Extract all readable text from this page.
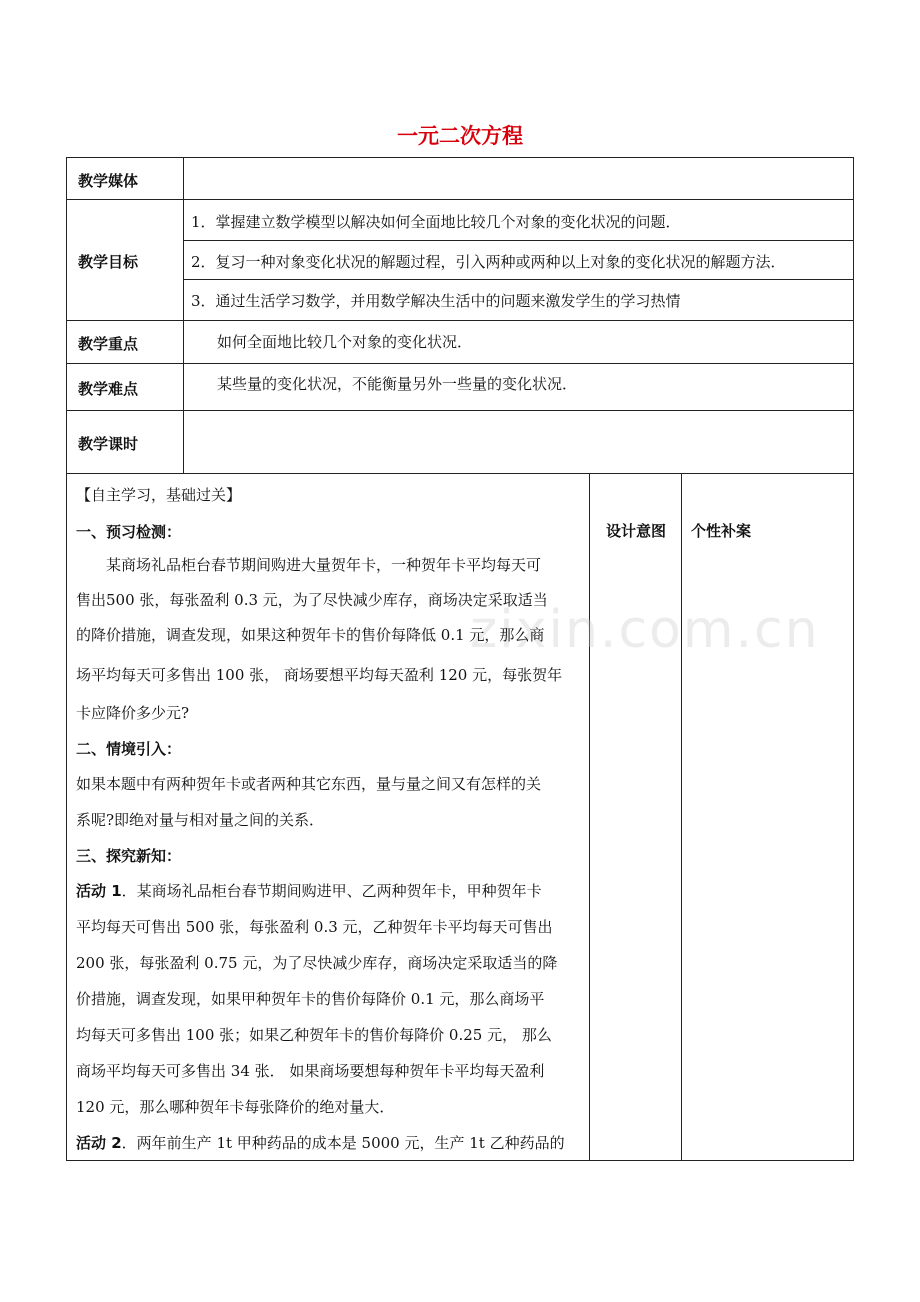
一元二次方程
教学媒体
教学目标
1．掌握建立数学模型以解决如何全面地比较几个对象的变化状况的问题．
2．复习一种对象变化状况的解题过程，引入两种或两种以上对象的变化状况的解题方法．
3．通过生活学习数学，并用数学解决生活中的问题来激发学生的学习热情
教学重点	如何全面地比较几个对象的变化状况．
教学难点	某些量的变化状况，不能衡量另外一些量的变化状况．
教学课时
设计意图 个性补案
zixin.com.cn
【自主学习，基础过关】
一、预习检测：
某商场礼品柜台春节期间购进大量贺年卡，一种贺年卡平均每天可
售出500 张，每张盈利 0.3 元，为了尽快减少库存，商场决定采取适当
的降价措施，调查发现，如果这种贺年卡的售价每降低 0.1 元，那么商
场平均每天可多售出 100 张， 商场要想平均每天盈利 120 元，每张贺年
卡应降价多少元?
二、情境引入：
如果本题中有两种贺年卡或者两种其它东西，量与量之间又有怎样的关
系呢?即绝对量与相对量之间的关系．
三、探究新知：
活动 1．某商场礼品柜台春节期间购进甲、乙两种贺年卡，甲种贺年卡
平均每天可售出 500 张，每张盈利 0.3 元，乙种贺年卡平均每天可售出
200 张，每张盈利 0.75 元，为了尽快减少库存，商场决定采取适当的降
价措施，调查发现，如果甲种贺年卡的售价每降价 0.1 元，那么商场平
均每天可多售出 100 张；如果乙种贺年卡的售价每降价 0.25 元， 那么
商场平均每天可多售出 34 张． 如果商场要想每种贺年卡平均每天盈利
120 元，那么哪种贺年卡每张降价的绝对量大．
活动 2．两年前生产 1t 甲种药品的成本是 5000 元，生产 1t 乙种药品的
